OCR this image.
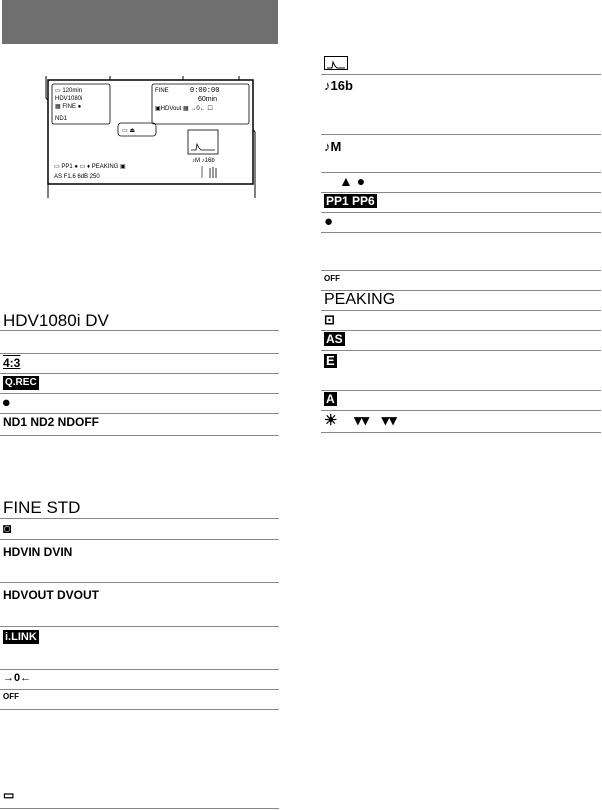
▭ 120min
HDV1080i
▦ FINE ●
ND1
FINE	0:00:00
60min
▣HDVout ▦ →0← ☐
▭ ⏏
♪M ♪16b
▭ PP1 ● ▭ ♦ PEAKING ▣
AS F1.6 6dB 250
HDV1080i DV
4:3
Q.REC
⏺
ND1 ND2 NDOFF
FINE STD
◙
HDVIN DVIN
HDVOUT DVOUT
i.LINK
→0←
OFF
▭
♪16b
♪M
▲ ●
PP1 PP6
●
OFF
PEAKING
⊡
AS
E
A
☀    ▾▾   ▾▾
